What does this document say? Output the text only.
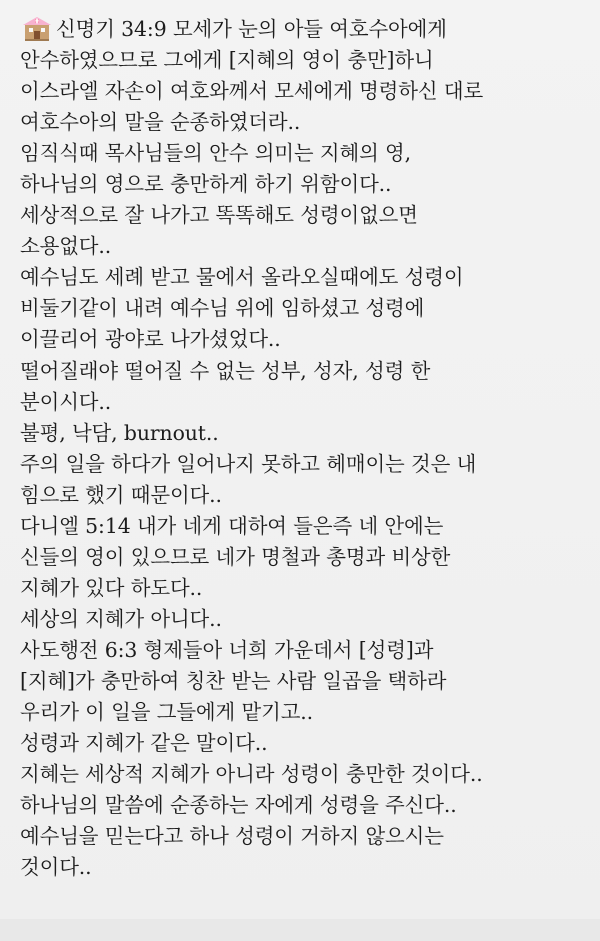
신명기 34:9 모세가 눈의 아들 여호수아에게
안수하였으므로 그에게 [지혜의 영이 충만]하니
이스라엘 자손이 여호와께서 모세에게 명령하신 대로
여호수아의 말을 순종하였더라..
임직식때 목사님들의 안수 의미는 지혜의 영,
하나님의 영으로 충만하게 하기 위함이다..
세상적으로 잘 나가고 똑똑해도 성령이없으면
소용없다..
예수님도 세례 받고 물에서 올라오실때에도 성령이
비둘기같이 내려 예수님 위에 임하셨고 성령에
이끌리어 광야로 나가셨었다..
떨어질래야 떨어질 수 없는 성부, 성자, 성령 한
분이시다..
불평, 낙담, burnout..
주의 일을 하다가 일어나지 못하고 헤매이는 것은 내
힘으로 했기 때문이다..
다니엘 5:14 내가 네게 대하여 들은즉 네 안에는
신들의 영이 있으므로 네가 명철과 총명과 비상한
지혜가 있다 하도다..
세상의 지혜가 아니다..
사도행전 6:3 형제들아 너희 가운데서 [성령]과
[지혜]가 충만하여 칭찬 받는 사람 일곱을 택하라
우리가 이 일을 그들에게 맡기고..
성령과 지혜가 같은 말이다..
지혜는 세상적 지혜가 아니라 성령이 충만한 것이다..
하나님의 말씀에 순종하는 자에게 성령을 주신다..
예수님을 믿는다고 하나 성령이 거하지 않으시는
것이다..
